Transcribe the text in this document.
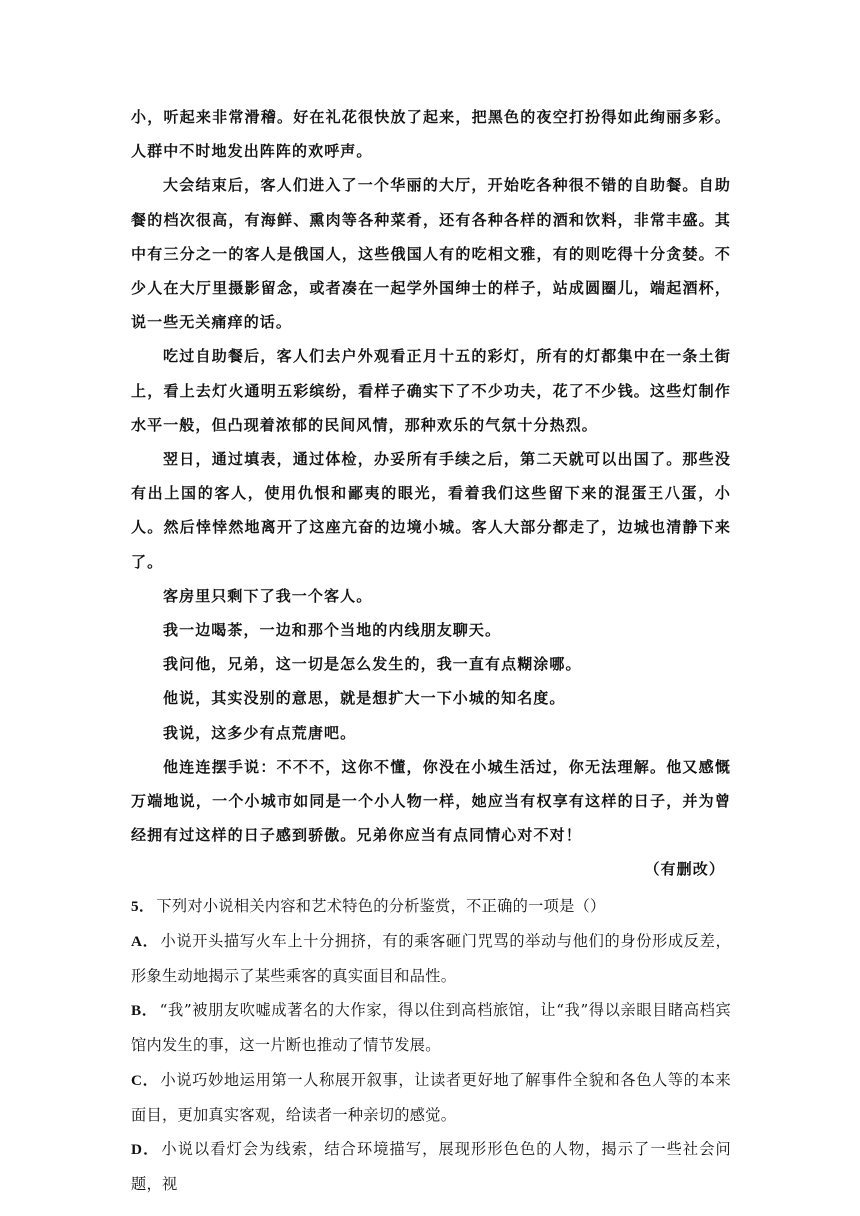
小，听起来非常滑稽。好在礼花很快放了起来，把黑色的夜空打扮得如此绚丽多彩。人群中不时地发出阵阵的欢呼声。

大会结束后，客人们进入了一个华丽的大厅，开始吃各种很不错的自助餐。自助餐的档次很高，有海鲜、熏肉等各种菜肴，还有各种各样的酒和饮料，非常丰盛。其中有三分之一的客人是俄国人，这些俄国人有的吃相文雅，有的则吃得十分贪婪。不少人在大厅里摄影留念，或者凑在一起学外国绅士的样子，站成圆圈儿，端起酒杯，说一些无关痛痒的话。

吃过自助餐后，客人们去户外观看正月十五的彩灯，所有的灯都集中在一条土街上，看上去灯火通明五彩缤纷，看样子确实下了不少功夫，花了不少钱。这些灯制作水平一般，但凸现着浓郁的民间风情，那种欢乐的气氛十分热烈。

翌日，通过填表，通过体检，办妥所有手续之后，第二天就可以出国了。那些没有出上国的客人，使用仇恨和鄙夷的眼光，看着我们这些留下来的混蛋王八蛋，小人。然后悻悻然地离开了这座亢奋的边境小城。客人大部分都走了，边城也清静下来了。

客房里只剩下了我一个客人。

我一边喝茶，一边和那个当地的内线朋友聊天。

我问他，兄弟，这一切是怎么发生的，我一直有点糊涂哪。

他说，其实没别的意思，就是想扩大一下小城的知名度。

我说，这多少有点荒唐吧。

他连连摆手说：不不不，这你不懂，你没在小城生活过，你无法理解。他又感慨万端地说，一个小城市如同是一个小人物一样，她应当有权享有这样的日子，并为曾经拥有过这样的日子感到骄傲。兄弟你应当有点同情心对不对！

（有删改）

5． 下列对小说相关内容和艺术特色的分析鉴赏，不正确的一项是（）

A． 小说开头描写火车上十分拥挤，有的乘客砸门咒骂的举动与他们的身份形成反差，形象生动地揭示了某些乘客的真实面目和品性。

B． “我”被朋友吹嘘成著名的大作家，得以住到高档旅馆，让“我”得以亲眼目睹高档宾馆内发生的事，这一片断也推动了情节发展。

C． 小说巧妙地运用第一人称展开叙事，让读者更好地了解事件全貌和各色人等的本来面目，更加真实客观，给读者一种亲切的感觉。

D． 小说以看灯会为线索，结合环境描写，展现形形色色的人物，揭示了一些社会问题，视
